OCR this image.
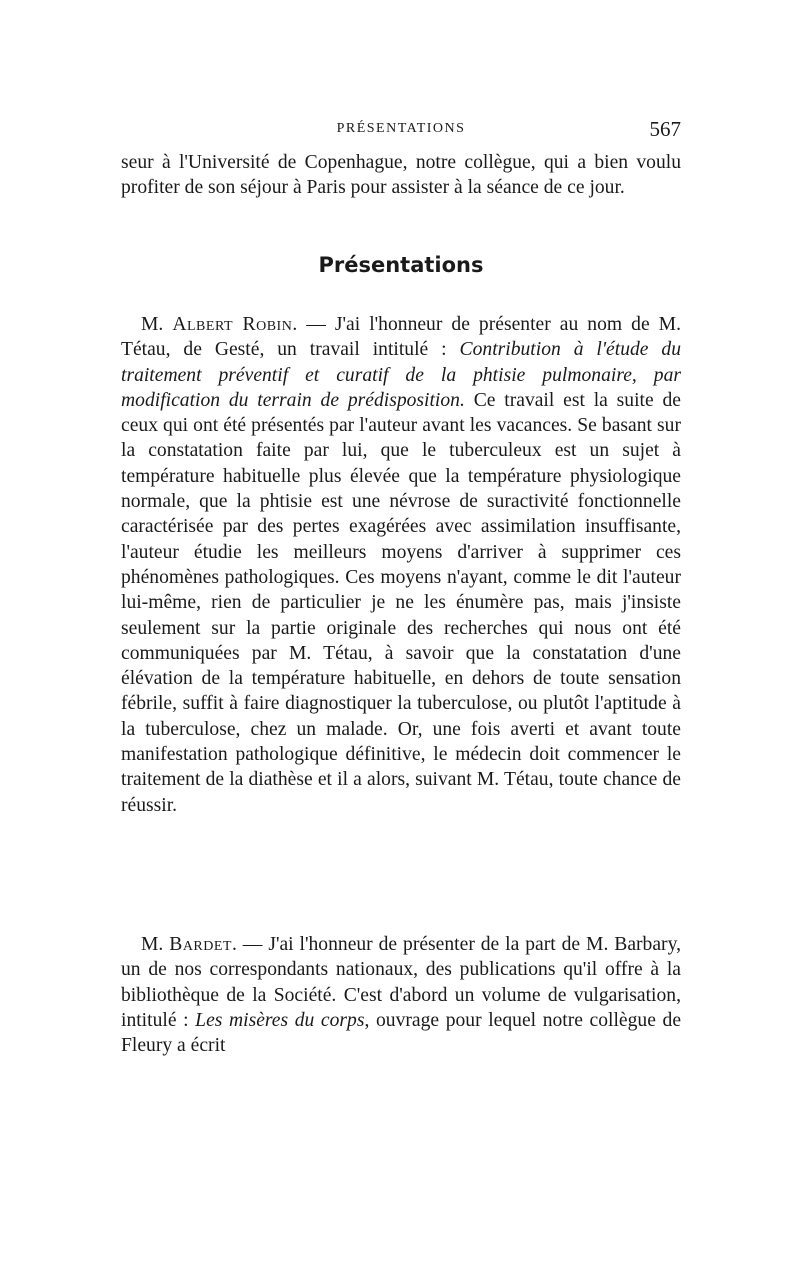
PRÉSENTATIONS	567

seur à l'Université de Copenhague, notre collègue, qui a bien voulu profiter de son séjour à Paris pour assister à la séance de ce jour.

Présentations

M. Albert Robin. — J'ai l'honneur de présenter au nom de M. Tétau, de Gesté, un travail intitulé : Contribution à l'étude du traitement préventif et curatif de la phtisie pulmonaire, par modification du terrain de prédisposition. Ce travail est la suite de ceux qui ont été présentés par l'auteur avant les vacances. Se basant sur la constatation faite par lui, que le tuberculeux est un sujet à température habituelle plus élevée que la température physiologique normale, que la phtisie est une névrose de suractivité fonctionnelle caractérisée par des pertes exagérées avec assimilation insuffisante, l'auteur étudie les meilleurs moyens d'arriver à supprimer ces phénomènes pathologiques. Ces moyens n'ayant, comme le dit l'auteur lui-même, rien de particulier je ne les énumère pas, mais j'insiste seulement sur la partie originale des recherches qui nous ont été communiquées par M. Tétau, à savoir que la constatation d'une élévation de la température habituelle, en dehors de toute sensation fébrile, suffit à faire diagnostiquer la tuberculose, ou plutôt l'aptitude à la tuberculose, chez un malade. Or, une fois averti et avant toute manifestation pathologique définitive, le médecin doit commencer le traitement de la diathèse et il a alors, suivant M. Tétau, toute chance de réussir.

M. Bardet. — J'ai l'honneur de présenter de la part de M. Barbary, un de nos correspondants nationaux, des publications qu'il offre à la bibliothèque de la Société. C'est d'abord un volume de vulgarisation, intitulé : Les misères du corps, ouvrage pour lequel notre collègue de Fleury a écrit
